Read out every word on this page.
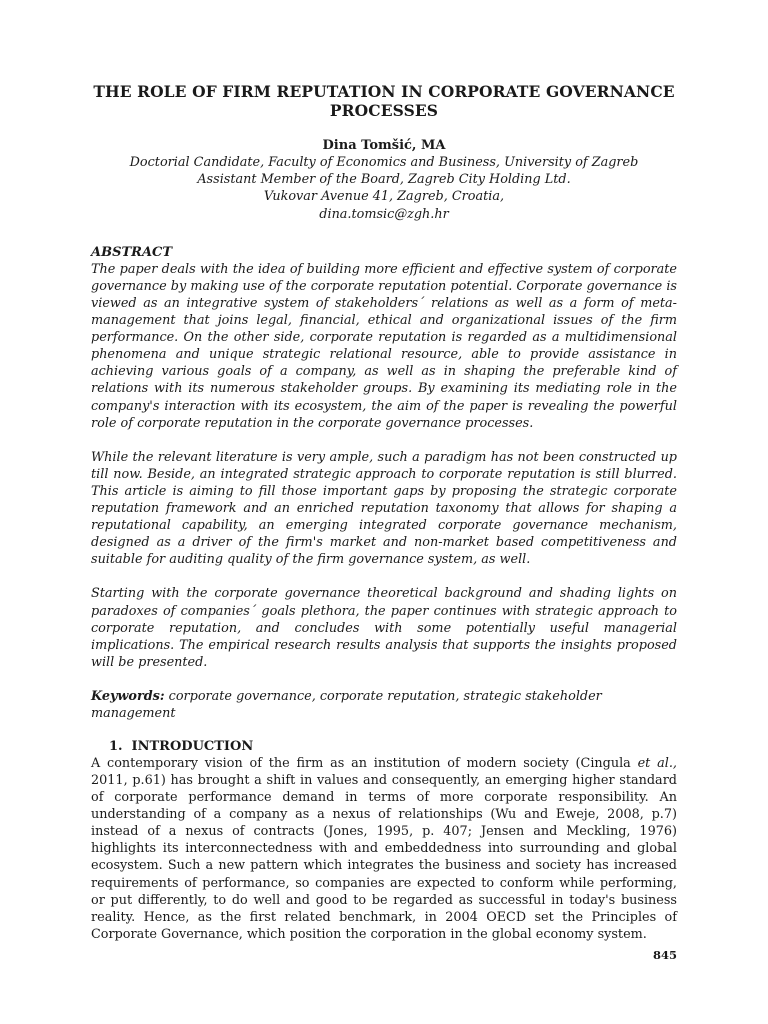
THE ROLE OF FIRM REPUTATION IN CORPORATE GOVERNANCE
PROCESSES
Dina Tomšić, MA
Doctorial Candidate, Faculty of Economics and Business, University of Zagreb
Assistant Member of the Board, Zagreb City Holding Ltd.
Vukovar Avenue 41, Zagreb, Croatia,
dina.tomsic@zgh.hr
ABSTRACT

The paper deals with the idea of building more efficient and effective system of corporate governance by making use of the corporate reputation potential. Corporate governance is viewed as an integrative system of stakeholders´ relations as well as a form of meta-management that joins legal, financial, ethical and organizational issues of the firm performance. On the other side, corporate reputation is regarded as a multidimensional phenomena and unique strategic relational resource, able to provide assistance in achieving various goals of a company, as well as in shaping the preferable kind of relations with its numerous stakeholder groups. By examining its mediating role in the company's interaction with its ecosystem, the aim of the paper is revealing the powerful role of corporate reputation in the corporate governance processes.

While the relevant literature is very ample, such a paradigm has not been constructed up till now. Beside, an integrated strategic approach to corporate reputation is still blurred. This article is aiming to fill those important gaps by proposing the strategic corporate reputation framework and an enriched reputation taxonomy that allows for shaping a reputational capability, an emerging integrated corporate governance mechanism, designed as a driver of the firm's market and non-market based competitiveness and suitable for auditing quality of the firm governance system, as well.

Starting with the corporate governance theoretical background and shading lights on paradoxes of companies´ goals plethora, the paper continues with strategic approach to corporate reputation, and concludes with some potentially useful managerial implications. The empirical research results analysis that supports the insights proposed will be presented.

Keywords: corporate governance, corporate reputation, strategic stakeholder management
1. INTRODUCTION

A contemporary vision of the firm as an institution of modern society (Cingula et al., 2011, p.61) has brought a shift in values and consequently, an emerging higher standard of corporate performance demand in terms of more corporate responsibility. An understanding of a company as a nexus of relationships (Wu and Eweje, 2008, p.7) instead of a nexus of contracts (Jones, 1995, p. 407; Jensen and Meckling, 1976) highlights its interconnectedness with and embeddedness into surrounding and global ecosystem. Such a new pattern which integrates the business and society has increased requirements of performance, so companies are expected to conform while performing, or put differently, to do well and good to be regarded as successful in today's business reality. Hence, as the first related benchmark, in 2004 OECD set the Principles of Corporate Governance, which position the corporation in the global economy system.

845
